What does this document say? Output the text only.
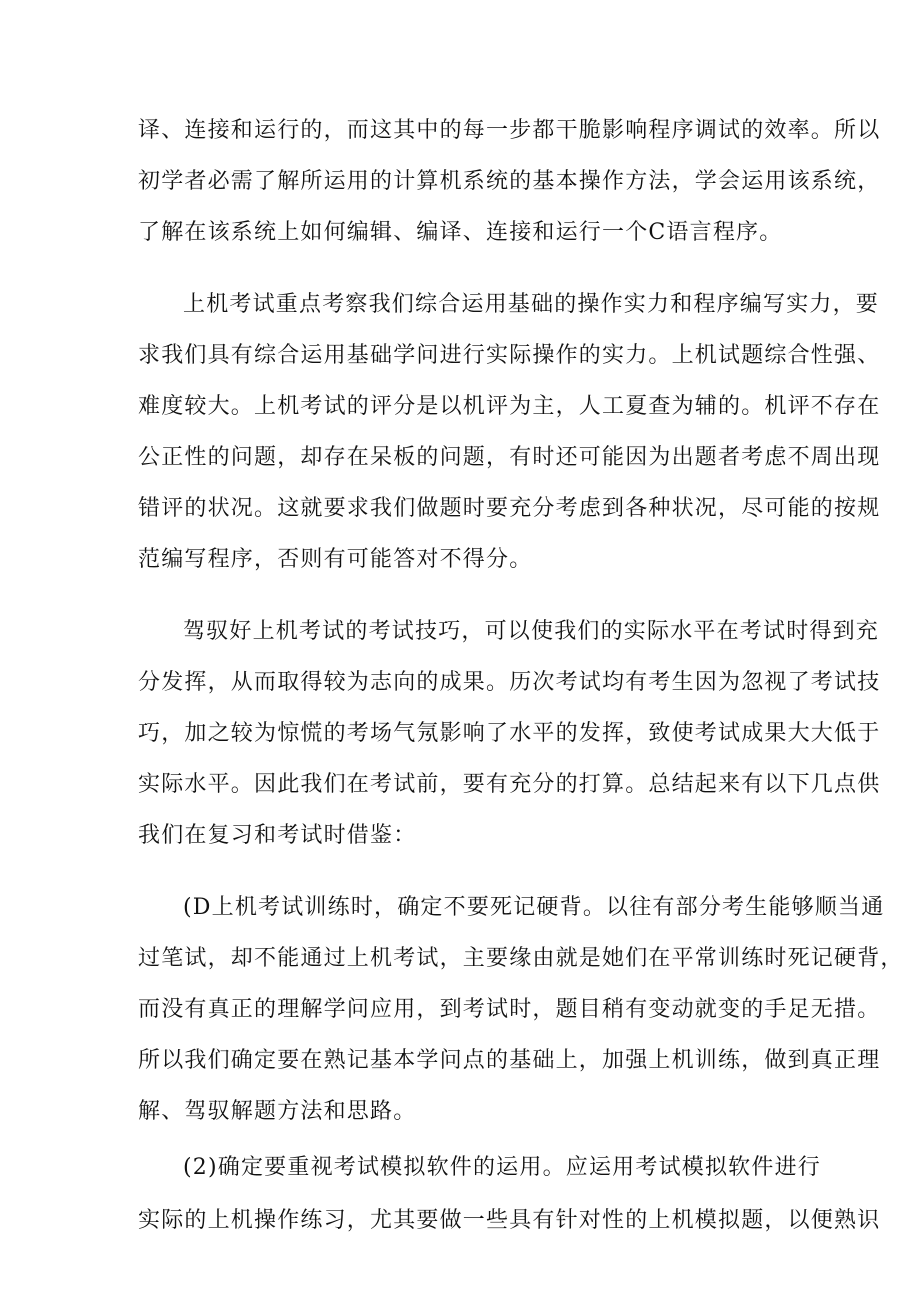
译、连接和运行的，而这其中的每一步都干脆影响程序调试的效率。所以
初学者必需了解所运用的计算机系统的基本操作方法，学会运用该系统，
了解在该系统上如何编辑、编译、连接和运行一个C语言程序。
上机考试重点考察我们综合运用基础的操作实力和程序编写实力，要
求我们具有综合运用基础学问进行实际操作的实力。上机试题综合性强、
难度较大。上机考试的评分是以机评为主，人工夏查为辅的。机评不存在
公正性的问题，却存在呆板的问题，有时还可能因为出题者考虑不周出现
错评的状况。这就要求我们做题时要充分考虑到各种状况，尽可能的按规
范编写程序，否则有可能答对不得分。
驾驭好上机考试的考试技巧，可以使我们的实际水平在考试时得到充
分发挥，从而取得较为志向的成果。历次考试均有考生因为忽视了考试技
巧，加之较为惊慌的考场气氖影响了水平的发挥，致使考试成果大大低于
实际水平。因此我们在考试前，要有充分的打算。总结起来有以下几点供
我们在复习和考试时借鉴：
(D上机考试训练时，确定不要死记硬背。以往有部分考生能够顺当通
过笔试，却不能通过上机考试，主要缘由就是她们在平常训练时死记硬背，
而没有真正的理解学问应用，到考试时，题目稍有变动就变的手足无措。
所以我们确定要在熟记基本学问点的基础上，加强上机训练，做到真正理
解、驾驭解题方法和思路。
(2)确定要重视考试模拟软件的运用。应运用考试模拟软件进行
实际的上机操作练习，尤其要做一些具有针对性的上机模拟题，以便熟识
